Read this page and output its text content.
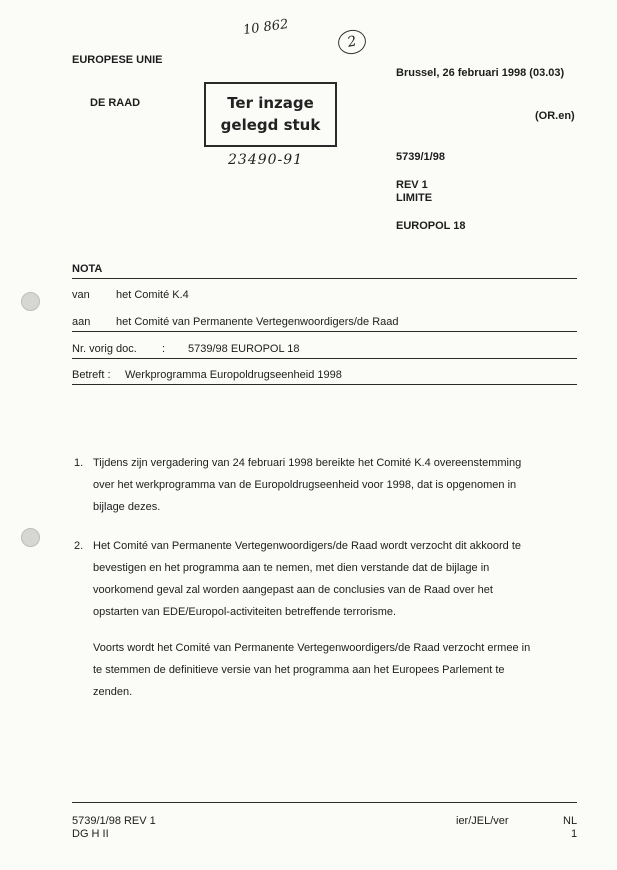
10 862
2
EUROPESE UNIE
DE RAAD	Ter inzage
gelegd stuk
23490-91
Brussel, 26 februari 1998 (03.03)
(OR.en)
5739/1/98
REV 1
LIMITE
EUROPOL 18
NOTA
van het Comité K.4
aan het Comité van Permanente Vertegenwoordigers/de Raad
Nr. vorig doc. : 5739/98 EUROPOL 18
Betreft : Werkprogramma Europoldrugseenheid 1998
1. Tijdens zijn vergadering van 24 februari 1998 bereikte het Comité K.4 overeenstemming
over het werkprogramma van de Europoldrugseenheid voor 1998, dat is opgenomen in
bijlage dezes.
2. Het Comité van Permanente Vertegenwoordigers/de Raad wordt verzocht dit akkoord te
bevestigen en het programma aan te nemen, met dien verstande dat de bijlage in
voorkomend geval zal worden aangepast aan de conclusies van de Raad over het
opstarten van EDE/Europol-activiteiten betreffende terrorisme.
Voorts wordt het Comité van Permanente Vertegenwoordigers/de Raad verzocht ermee in
te stemmen de definitieve versie van het programma aan het Europees Parlement te
zenden.
5739/1/98 REV 1
DG H II
ier/JEL/ver	NL
1
